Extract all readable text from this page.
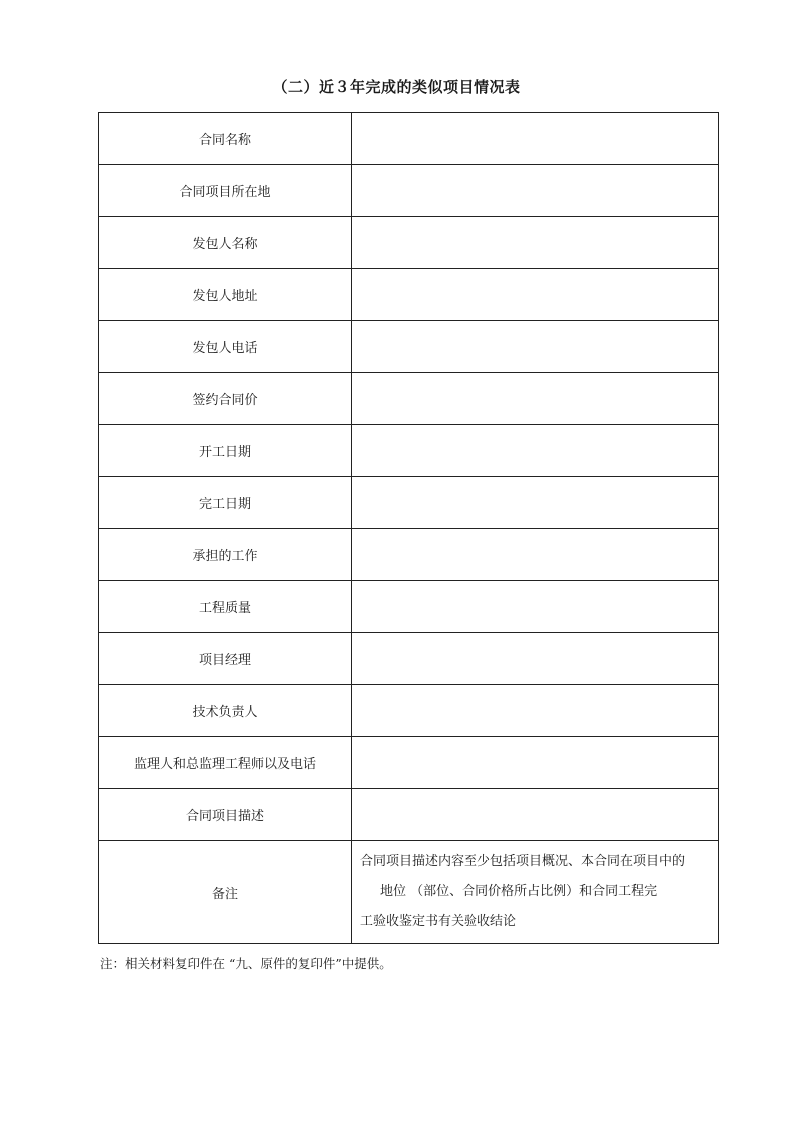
（二）近３年完成的类似项目情况表
合同名称	
合同项目所在地	
发包人名称	
发包人地址	
发包人电话	
签约合同价	
开工日期	
完工日期	
承担的工作	
工程质量	
项目经理	
技术负责人	
监理人和总监理工程师以及电话	
合同项目描述	
备注	合同项目描述内容至少包括项目概况、本合同在项目中的
地位 （部位、合同价格所占比例）和合同工程完
工验收鉴定书有关验收结论
注：相关材料复印件在 “九、原件的复印件”中提供。
